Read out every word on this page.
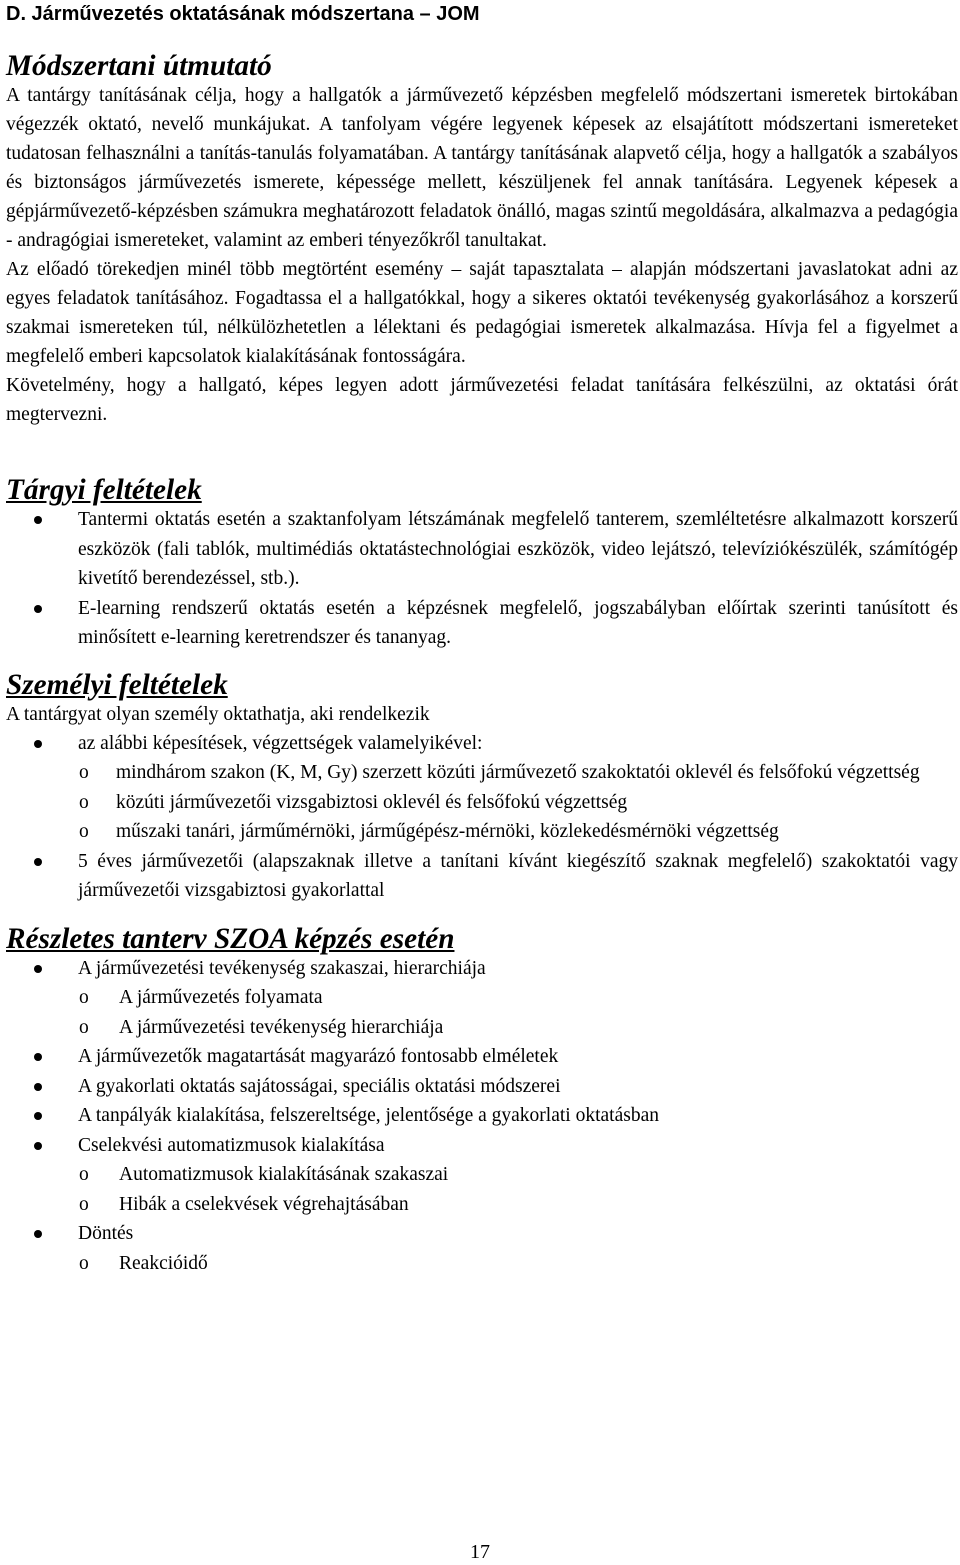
D. Járművezetés oktatásának módszertana – JOM
Módszertani útmutató

A tantárgy tanításának célja, hogy a hallgatók a járművezető képzésben megfelelő módszertani ismeretek birtokában végezzék oktató, nevelő munkájukat. A tanfolyam végére legyenek képesek az elsajátított módszertani ismereteket tudatosan felhasználni a tanítás-tanulás folyamatában. A tantárgy tanításának alapvető célja, hogy a hallgatók a szabályos és biztonságos járművezetés ismerete, képessége mellett, készüljenek fel annak tanítására. Legyenek képesek a gépjárművezető-képzésben számukra meghatározott feladatok önálló, magas szintű megoldására, alkalmazva a pedagógia - andragógiai ismereteket, valamint az emberi tényezőkről tanultakat.

Az előadó törekedjen minél több megtörtént esemény – saját tapasztalata – alapján módszertani javaslatokat adni az egyes feladatok tanításához. Fogadtassa el a hallgatókkal, hogy a sikeres oktatói tevékenység gyakorlásához a korszerű szakmai ismereteken túl, nélkülözhetetlen a lélektani és pedagógiai ismeretek alkalmazása. Hívja fel a figyelmet a megfelelő emberi kapcsolatok kialakításának fontosságára.

Követelmény, hogy a hallgató, képes legyen adott járművezetési feladat tanítására felkészülni, az oktatási órát megtervezni.

Tárgyi feltételek
Tantermi oktatás esetén a szaktanfolyam létszámának megfelelő tanterem, szemléltetésre alkalmazott korszerű eszközök (fali tablók, multimédiás oktatástechnológiai eszközök, video lejátszó, televíziókészülék, számítógép kivetítő berendezéssel, stb.).
E-learning rendszerű oktatás esetén a képzésnek megfelelő, jogszabályban előírtak szerinti tanúsított és minősített e-learning keretrendszer és tananyag.
Személyi feltételek

A tantárgyat olyan személy oktathatja, aki rendelkezik

az alábbi képesítések, végzettségek valamelyikével:
o mindhárom szakon (K, M, Gy) szerzett közúti járművezető szakoktatói oklevél és felsőfokú végzettség
o közúti járművezetői vizsgabiztosi oklevél és felsőfokú végzettség
o műszaki tanári, járműmérnöki, járműgépész-mérnöki, közlekedésmérnöki végzettség
5 éves járművezetői (alapszaknak illetve a tanítani kívánt kiegészítő szaknak megfelelő) szakoktatói vagy járművezetői vizsgabiztosi gyakorlattal
Részletes tanterv SZOA képzés esetén
A járművezetési tevékenység szakaszai, hierarchiája
o A járművezetés folyamata
o A járművezetési tevékenység hierarchiája
A járművezetők magatartását magyarázó fontosabb elméletek
A gyakorlati oktatás sajátosságai, speciális oktatási módszerei
A tanpályák kialakítása, felszereltsége, jelentősége a gyakorlati oktatásban
Cselekvési automatizmusok kialakítása
o Automatizmusok kialakításának szakaszai
o Hibák a cselekvések végrehajtásában
Döntés
o Reakcióidő
17
